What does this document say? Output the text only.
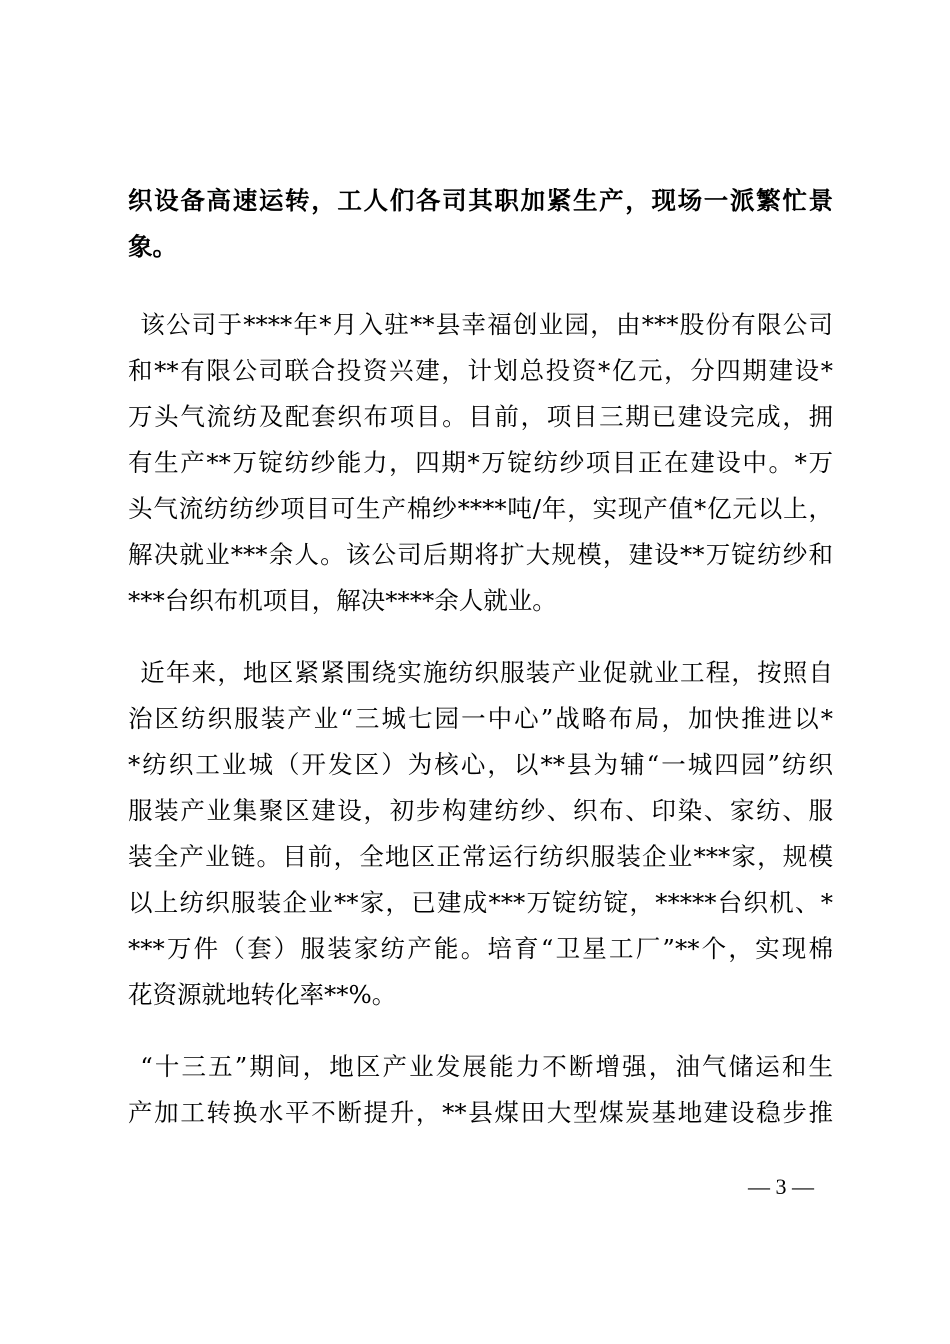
织设备高速运转，工人们各司其职加紧生产，现场一派繁忙景
象。
该公司于****年*月入驻**县幸福创业园，由***股份有限公司
和**有限公司联合投资兴建，计划总投资*亿元，分四期建设*
万头气流纺及配套织布项目。目前，项目三期已建设完成，拥
有生产**万锭纺纱能力，四期*万锭纺纱项目正在建设中。*万
头气流纺纺纱项目可生产棉纱****吨/年，实现产值*亿元以上，
解决就业***余人。该公司后期将扩大规模，建设**万锭纺纱和
***台织布机项目，解决****余人就业。
近年来，地区紧紧围绕实施纺织服装产业促就业工程，按照自
治区纺织服装产业“三城七园一中心”战略布局，加快推进以*
*纺织工业城（开发区）为核心，以**县为辅“一城四园”纺织
服装产业集聚区建设，初步构建纺纱、织布、印染、家纺、服
装全产业链。目前，全地区正常运行纺织服装企业***家，规模
以上纺织服装企业**家，已建成***万锭纺锭，*****台织机、*
***万件（套）服装家纺产能。培育“卫星工厂”**个，实现棉
花资源就地转化率**%。
“十三五”期间，地区产业发展能力不断增强，油气储运和生
产加工转换水平不断提升，**县煤田大型煤炭基地建设稳步推
— 3 —
